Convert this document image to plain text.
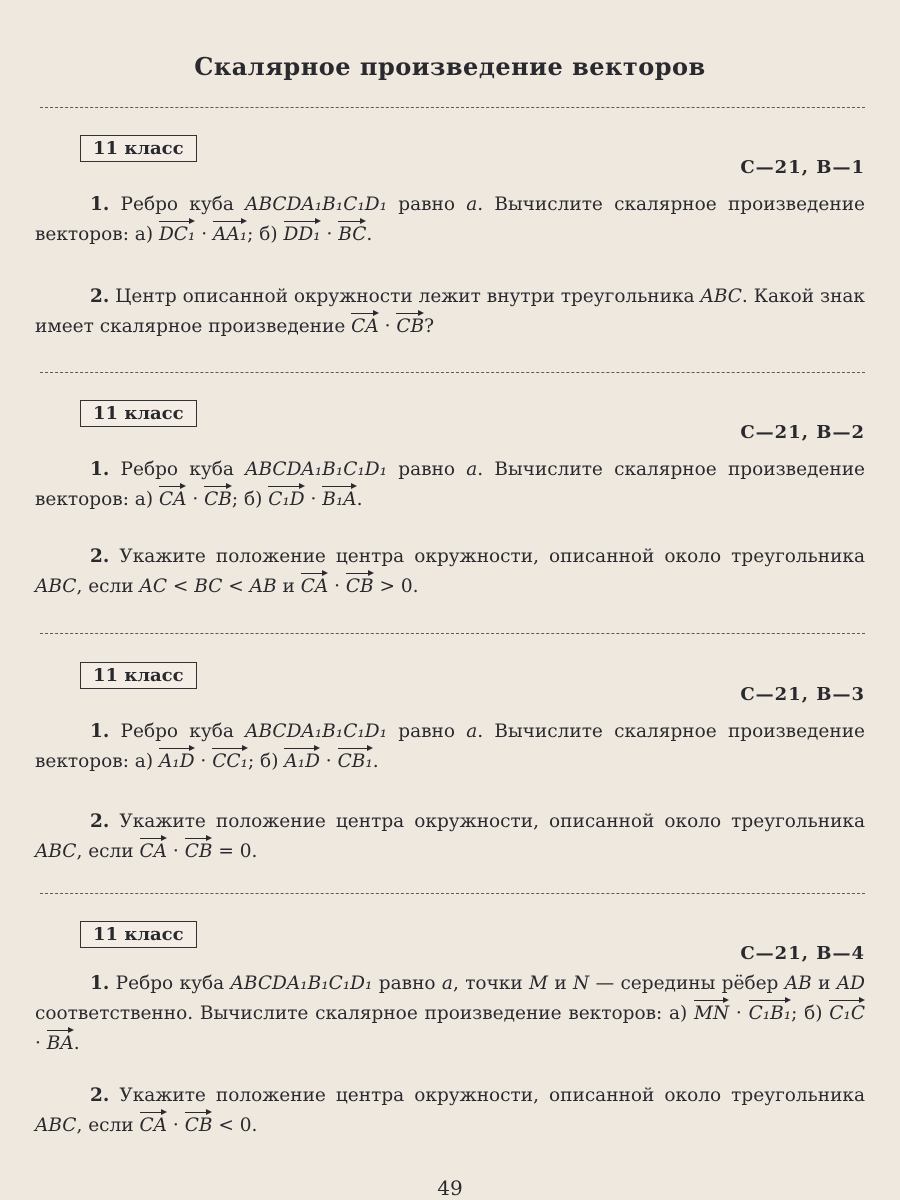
Скалярное произведение векторов
11 класс
С—21, В—1
1. Ребро куба ABCDA₁B₁C₁D₁ равно a. Вычислите скалярное произведение векторов: а) DC₁ · AA₁; б) DD₁ · BC.
2. Центр описанной окружности лежит внутри треугольника ABC. Какой знак имеет скалярное произведение CA · CB?
11 класс
С—21, В—2
1. Ребро куба ABCDA₁B₁C₁D₁ равно a. Вычислите скалярное произведение векторов: а) CA · CB; б) C₁D · B₁A.
2. Укажите положение центра окружности, описанной около треугольника ABC, если AC < BC < AB и CA · CB > 0.
11 класс
С—21, В—3
1. Ребро куба ABCDA₁B₁C₁D₁ равно a. Вычислите скалярное произведение векторов: а) A₁D · CC₁; б) A₁D · CB₁.
2. Укажите положение центра окружности, описанной около треугольника ABC, если CA · CB = 0.
11 класс
С—21, В—4
1. Ребро куба ABCDA₁B₁C₁D₁ равно a, точки M и N — середины рёбер AB и AD соответственно. Вычислите скалярное произведение векторов: а) MN · C₁B₁; б) C₁C · BA.
2. Укажите положение центра окружности, описанной около треугольника ABC, если CA · CB < 0.
49
